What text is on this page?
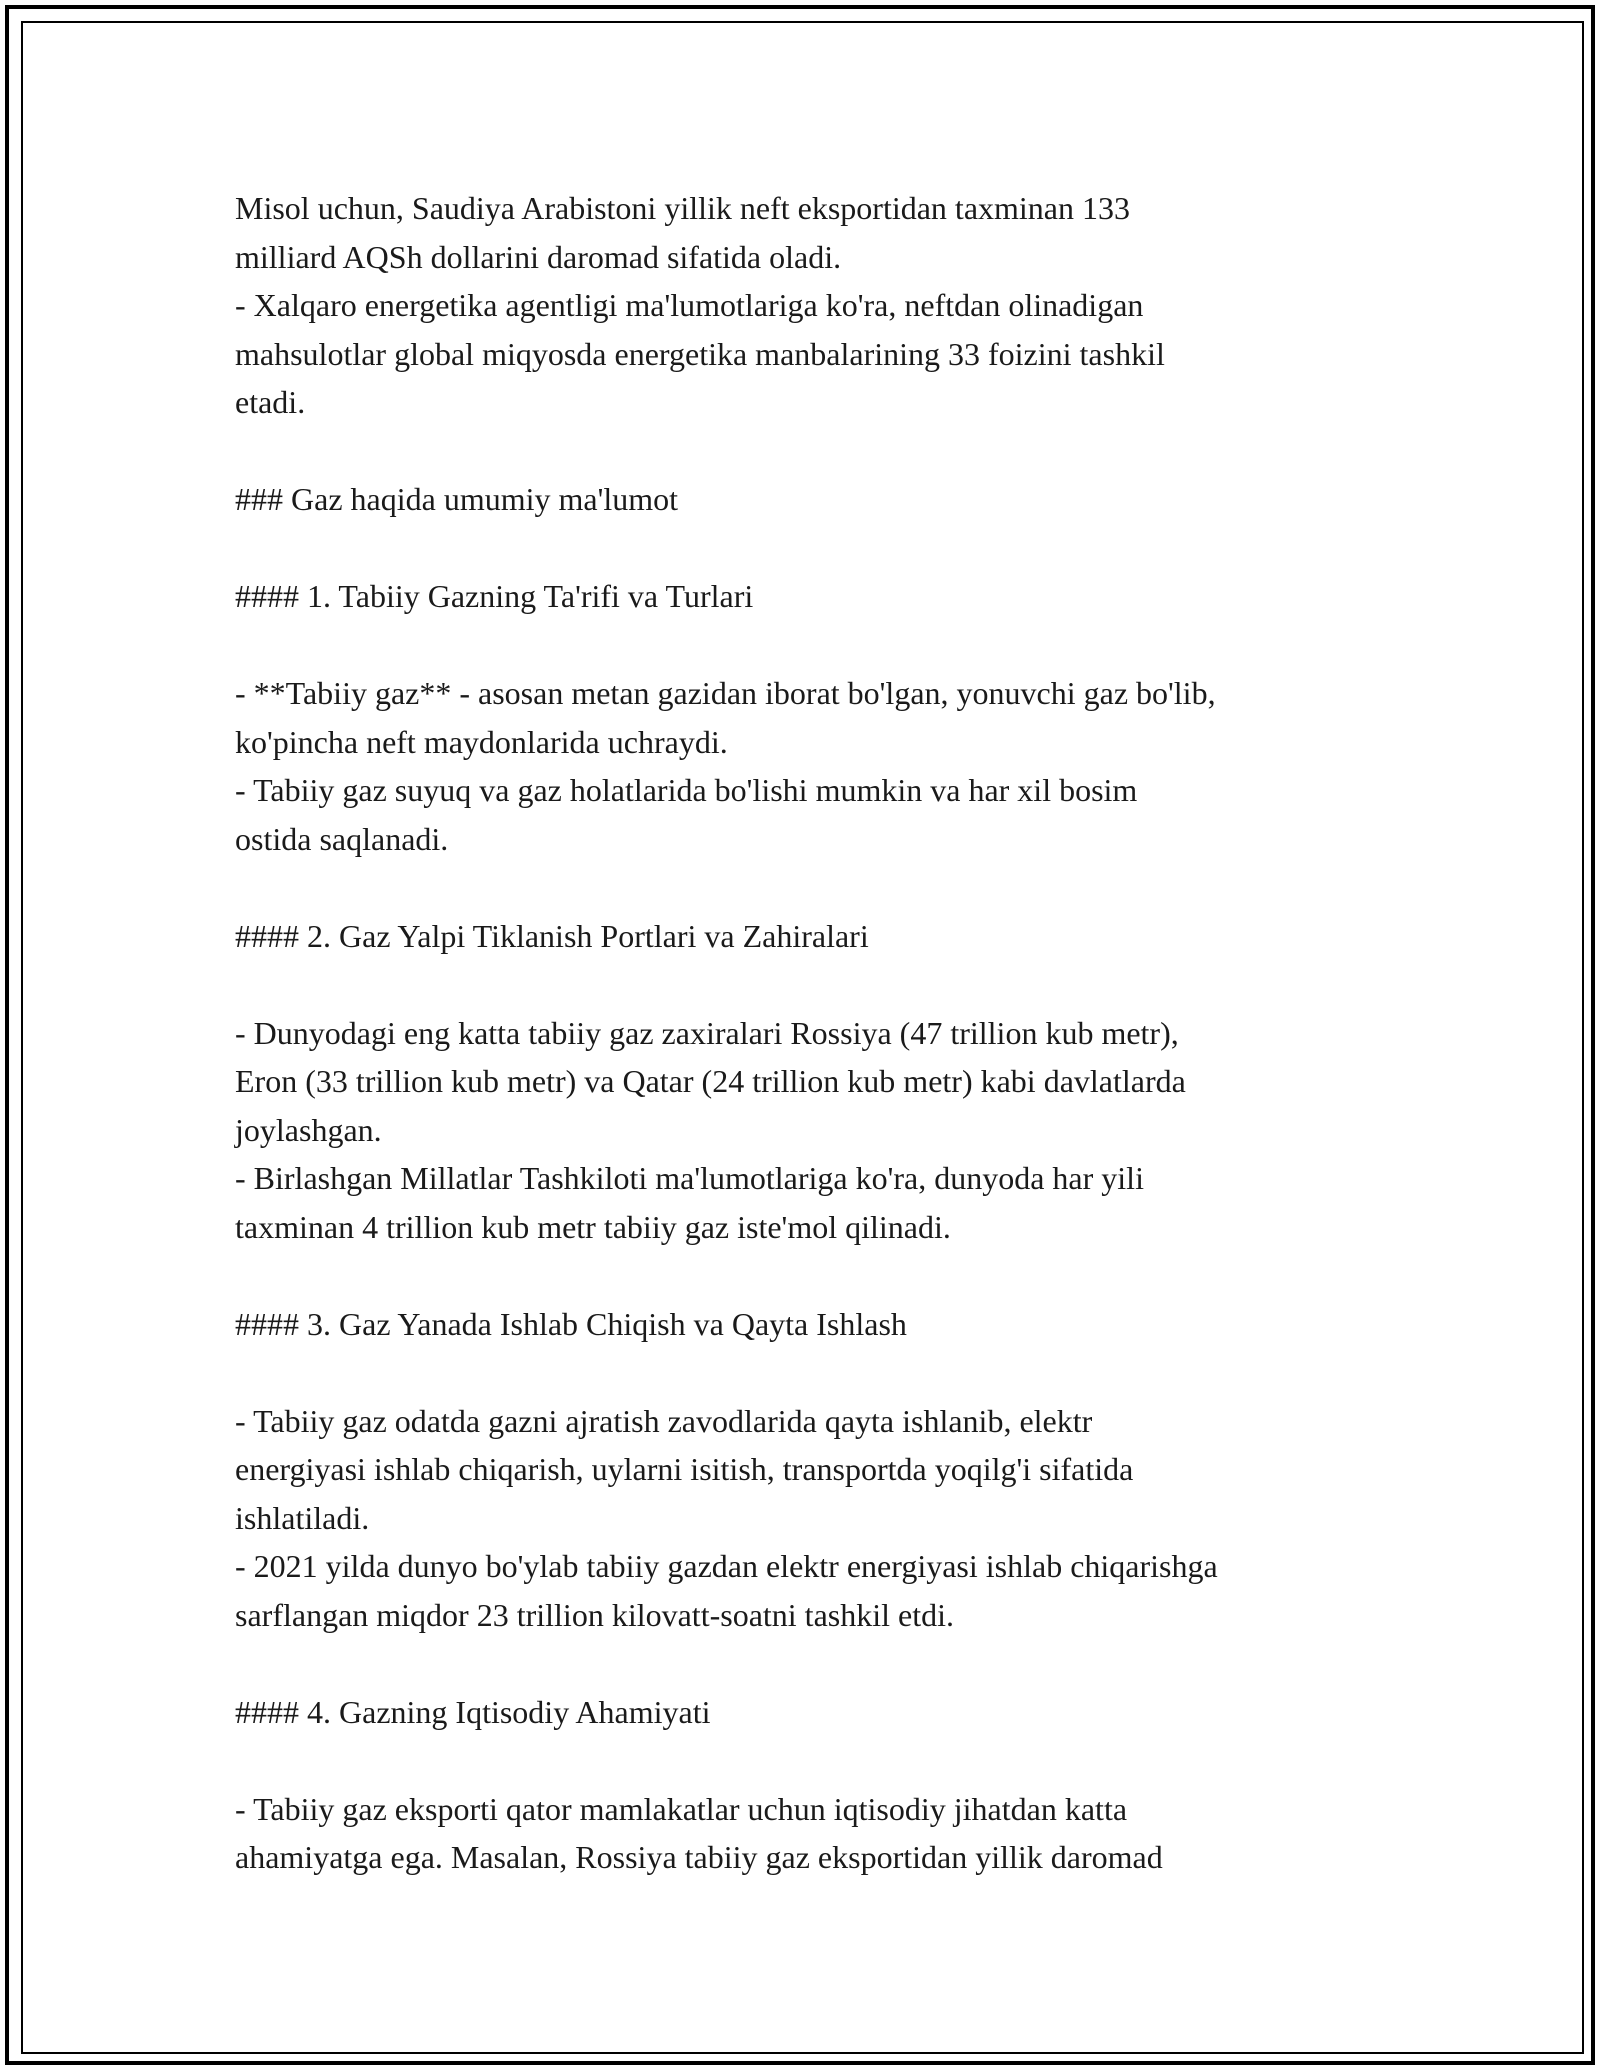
Misol uchun, Saudiya Arabistoni yillik neft eksportidan taxminan 133
milliard AQSh dollarini daromad sifatida oladi.
- Xalqaro energetika agentligi ma'lumotlariga ko'ra, neftdan olinadigan
mahsulotlar global miqyosda energetika manbalarining 33 foizini tashkil
etadi.
### Gaz haqida umumiy ma'lumot
#### 1. Tabiiy Gazning Ta'rifi va Turlari
- **Tabiiy gaz** - asosan metan gazidan iborat bo'lgan, yonuvchi gaz bo'lib,
ko'pincha neft maydonlarida uchraydi.
- Tabiiy gaz suyuq va gaz holatlarida bo'lishi mumkin va har xil bosim
ostida saqlanadi.
#### 2. Gaz Yalpi Tiklanish Portlari va Zahiralari
- Dunyodagi eng katta tabiiy gaz zaxiralari Rossiya (47 trillion kub metr),
Eron (33 trillion kub metr) va Qatar (24 trillion kub metr) kabi davlatlarda
joylashgan.
- Birlashgan Millatlar Tashkiloti ma'lumotlariga ko'ra, dunyoda har yili
taxminan 4 trillion kub metr tabiiy gaz iste'mol qilinadi.
#### 3. Gaz Yanada Ishlab Chiqish va Qayta Ishlash
- Tabiiy gaz odatda gazni ajratish zavodlarida qayta ishlanib, elektr
energiyasi ishlab chiqarish, uylarni isitish, transportda yoqilg'i sifatida
ishlatiladi.
- 2021 yilda dunyo bo'ylab tabiiy gazdan elektr energiyasi ishlab chiqarishga
sarflangan miqdor 23 trillion kilovatt-soatni tashkil etdi.
#### 4. Gazning Iqtisodiy Ahamiyati
- Tabiiy gaz eksporti qator mamlakatlar uchun iqtisodiy jihatdan katta
ahamiyatga ega. Masalan, Rossiya tabiiy gaz eksportidan yillik daromad
